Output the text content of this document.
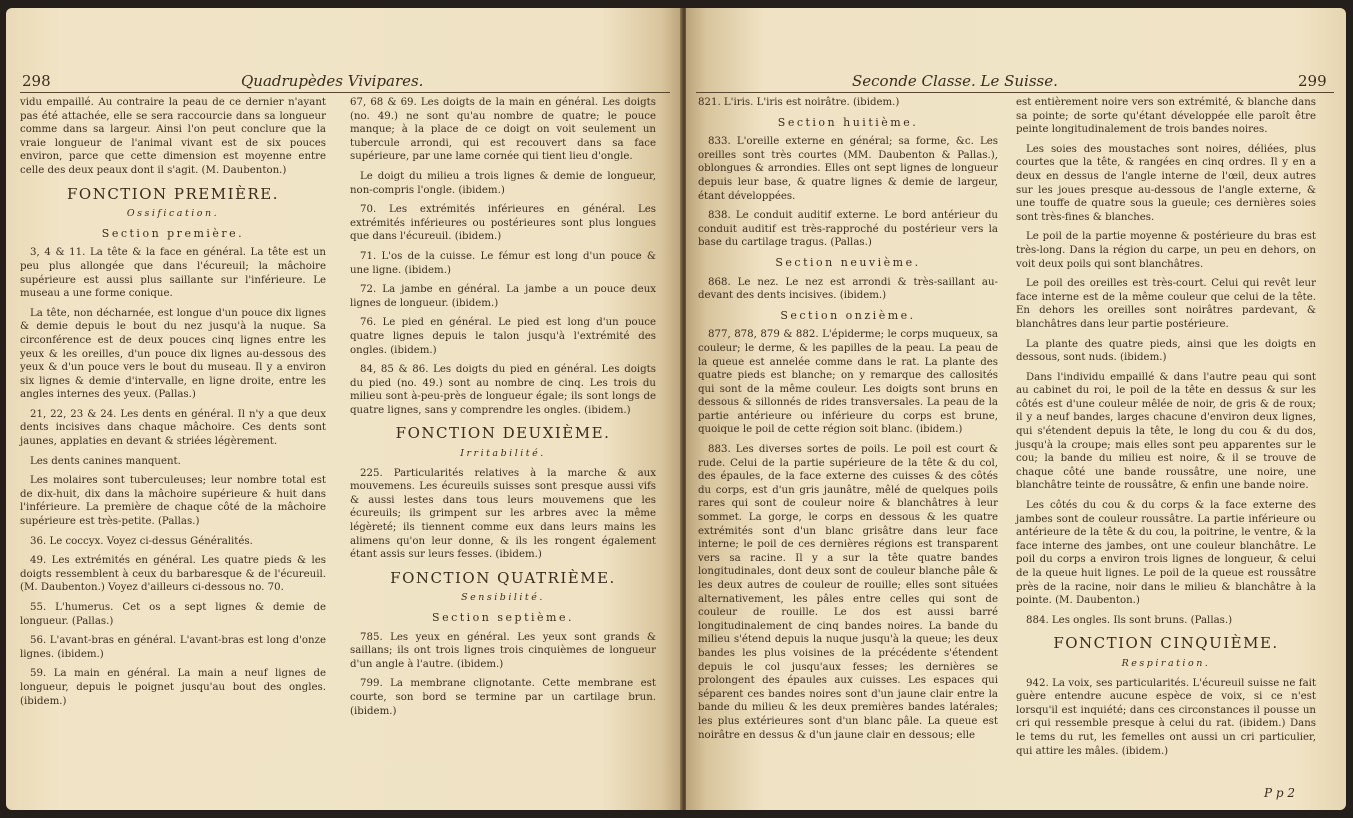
298	Quadrupèdes Vivipares.

vidu empaillé. Au contraire la peau de ce dernier n'ayant pas été attachée, elle se sera raccourcie dans sa longueur comme dans sa largeur. Ainsi l'on peut conclure que la vraie longueur de l'animal vivant est de six pouces environ, parce que cette dimension est moyenne entre celle des deux peaux dont il s'agit. (M. Daubenton.)

FONCTION PREMIÈRE.

Ossification.

Section première.

3, 4 & 11. La tête & la face en général. La tête est un peu plus allongée que dans l'écureuil; la mâchoire supérieure est aussi plus saillante sur l'inférieure. Le museau a une forme conique.

La tête, non décharnée, est longue d'un pouce dix lignes & demie depuis le bout du nez jusqu'à la nuque. Sa circonférence est de deux pouces cinq lignes entre les yeux & les oreilles, d'un pouce dix lignes au-dessous des yeux & d'un pouce vers le bout du museau. Il y a environ six lignes & demie d'intervalle, en ligne droite, entre les angles internes des yeux. (Pallas.)

21, 22, 23 & 24. Les dents en général. Il n'y a que deux dents incisives dans chaque mâchoire. Ces dents sont jaunes, applaties en devant & striées légèrement.

Les dents canines manquent.

Les molaires sont tuberculeuses; leur nombre total est de dix-huit, dix dans la mâchoire supérieure & huit dans l'inférieure. La première de chaque côté de la mâchoire supérieure est très-petite. (Pallas.)

36. Le coccyx. Voyez ci-dessus Généralités.

49. Les extrémités en général. Les quatre pieds & les doigts ressemblent à ceux du barbaresque & de l'écureuil. (M. Daubenton.) Voyez d'ailleurs ci-dessous no. 70.

55. L'humerus. Cet os a sept lignes & demie de longueur. (Pallas.)

56. L'avant-bras en général. L'avant-bras est long d'onze lignes. (ibidem.)

59. La main en général. La main a neuf lignes de longueur, depuis le poignet jusqu'au bout des ongles. (ibidem.)

67, 68 & 69. Les doigts de la main en général. Les doigts (no. 49.) ne sont qu'au nombre de quatre; le pouce manque; à la place de ce doigt on voit seulement un tubercule arrondi, qui est recouvert dans sa face supérieure, par une lame cornée qui tient lieu d'ongle.

Le doigt du milieu a trois lignes & demie de longueur, non-compris l'ongle. (ibidem.)

70. Les extrémités inférieures en général. Les extrémités inférieures ou postérieures sont plus longues que dans l'écureuil. (ibidem.)

71. L'os de la cuisse. Le fémur est long d'un pouce & une ligne. (ibidem.)

72. La jambe en général. La jambe a un pouce deux lignes de longueur. (ibidem.)

76. Le pied en général. Le pied est long d'un pouce quatre lignes depuis le talon jusqu'à l'extrémité des ongles. (ibidem.)

84, 85 & 86. Les doigts du pied en général. Les doigts du pied (no. 49.) sont au nombre de cinq. Les trois du milieu sont à-peu-près de longueur égale; ils sont longs de quatre lignes, sans y comprendre les ongles. (ibidem.)

FONCTION DEUXIÈME.

Irritabilité.

225. Particularités relatives à la marche & aux mouvemens. Les écureuils suisses sont presque aussi vifs & aussi lestes dans tous leurs mouvemens que les écureuils; ils grimpent sur les arbres avec la même légèreté; ils tiennent comme eux dans leurs mains les alimens qu'on leur donne, & ils les rongent également étant assis sur leurs fesses. (ibidem.)

FONCTION QUATRIÈME.

Sensibilité.

Section septième.

785. Les yeux en général. Les yeux sont grands & saillans; ils ont trois lignes trois cinquièmes de longueur d'un angle à l'autre. (ibidem.)

799. La membrane clignotante. Cette membrane est courte, son bord se termine par un cartilage brun. (ibidem.)

Seconde Classe. Le Suisse.	299

821. L'iris. L'iris est noirâtre. (ibidem.)

Section huitième.

833. L'oreille externe en général; sa forme, &c. Les oreilles sont très courtes (MM. Daubenton & Pallas.), oblongues & arrondies. Elles ont sept lignes de longueur depuis leur base, & quatre lignes & demie de largeur, étant développées.

838. Le conduit auditif externe. Le bord antérieur du conduit auditif est très-rapproché du postérieur vers la base du cartilage tragus. (Pallas.)

Section neuvième.

868. Le nez. Le nez est arrondi & très-saillant au-devant des dents incisives. (ibidem.)

Section onzième.

877, 878, 879 & 882. L'épiderme; le corps muqueux, sa couleur; le derme, & les papilles de la peau. La peau de la queue est annelée comme dans le rat. La plante des quatre pieds est blanche; on y remarque des callosités qui sont de la même couleur. Les doigts sont bruns en dessous & sillonnés de rides transversales. La peau de la partie antérieure ou inférieure du corps est brune, quoique le poil de cette région soit blanc. (ibidem.)

883. Les diverses sortes de poils. Le poil est court & rude. Celui de la partie supérieure de la tête & du col, des épaules, de la face externe des cuisses & des côtés du corps, est d'un gris jaunâtre, mêlé de quelques poils rares qui sont de couleur noire & blanchâtres à leur sommet. La gorge, le corps en dessous & les quatre extrémités sont d'un blanc grisâtre dans leur face interne; le poil de ces dernières régions est transparent vers sa racine. Il y a sur la tête quatre bandes longitudinales, dont deux sont de couleur blanche pâle & les deux autres de couleur de rouille; elles sont situées alternativement, les pâles entre celles qui sont de couleur de rouille. Le dos est aussi barré longitudinalement de cinq bandes noires. La bande du milieu s'étend depuis la nuque jusqu'à la queue; les deux bandes les plus voisines de la précédente s'étendent depuis le col jusqu'aux fesses; les dernières se prolongent des épaules aux cuisses. Les espaces qui séparent ces bandes noires sont d'un jaune clair entre la bande du milieu & les deux premières bandes latérales; les plus extérieures sont d'un blanc pâle. La queue est noirâtre en dessus & d'un jaune clair en dessous; elle

est entièrement noire vers son extrémité, & blanche dans sa pointe; de sorte qu'étant développée elle paroît être peinte longitudinalement de trois bandes noires.

Les soies des moustaches sont noires, déliées, plus courtes que la tête, & rangées en cinq ordres. Il y en a deux en dessus de l'angle interne de l'œil, deux autres sur les joues presque au-dessous de l'angle externe, & une touffe de quatre sous la gueule; ces dernières soies sont très-fines & blanches.

Le poil de la partie moyenne & postérieure du bras est très-long. Dans la région du carpe, un peu en dehors, on voit deux poils qui sont blanchâtres.

Le poil des oreilles est très-court. Celui qui revêt leur face interne est de la même couleur que celui de la tête. En dehors les oreilles sont noirâtres pardevant, & blanchâtres dans leur partie postérieure.

La plante des quatre pieds, ainsi que les doigts en dessous, sont nuds. (ibidem.)

Dans l'individu empaillé & dans l'autre peau qui sont au cabinet du roi, le poil de la tête en dessus & sur les côtés est d'une couleur mêlée de noir, de gris & de roux; il y a neuf bandes, larges chacune d'environ deux lignes, qui s'étendent depuis la tête, le long du cou & du dos, jusqu'à la croupe; mais elles sont peu apparentes sur le cou; la bande du milieu est noire, & il se trouve de chaque côté une bande roussâtre, une noire, une blanchâtre teinte de roussâtre, & enfin une bande noire.

Les côtés du cou & du corps & la face externe des jambes sont de couleur roussâtre. La partie inférieure ou antérieure de la tête & du cou, la poitrine, le ventre, & la face interne des jambes, ont une couleur blanchâtre. Le poil du corps a environ trois lignes de longueur, & celui de la queue huit lignes. Le poil de la queue est roussâtre près de la racine, noir dans le milieu & blanchâtre à la pointe. (M. Daubenton.)

884. Les ongles. Ils sont bruns. (Pallas.)

FONCTION CINQUIÈME.

Respiration.

942. La voix, ses particularités. L'écureuil suisse ne fait guère entendre aucune espèce de voix, si ce n'est lorsqu'il est inquiété; dans ces circonstances il pousse un cri qui ressemble presque à celui du rat. (ibidem.) Dans le tems du rut, les femelles ont aussi un cri particulier, qui attire les mâles. (ibidem.)

P p 2
